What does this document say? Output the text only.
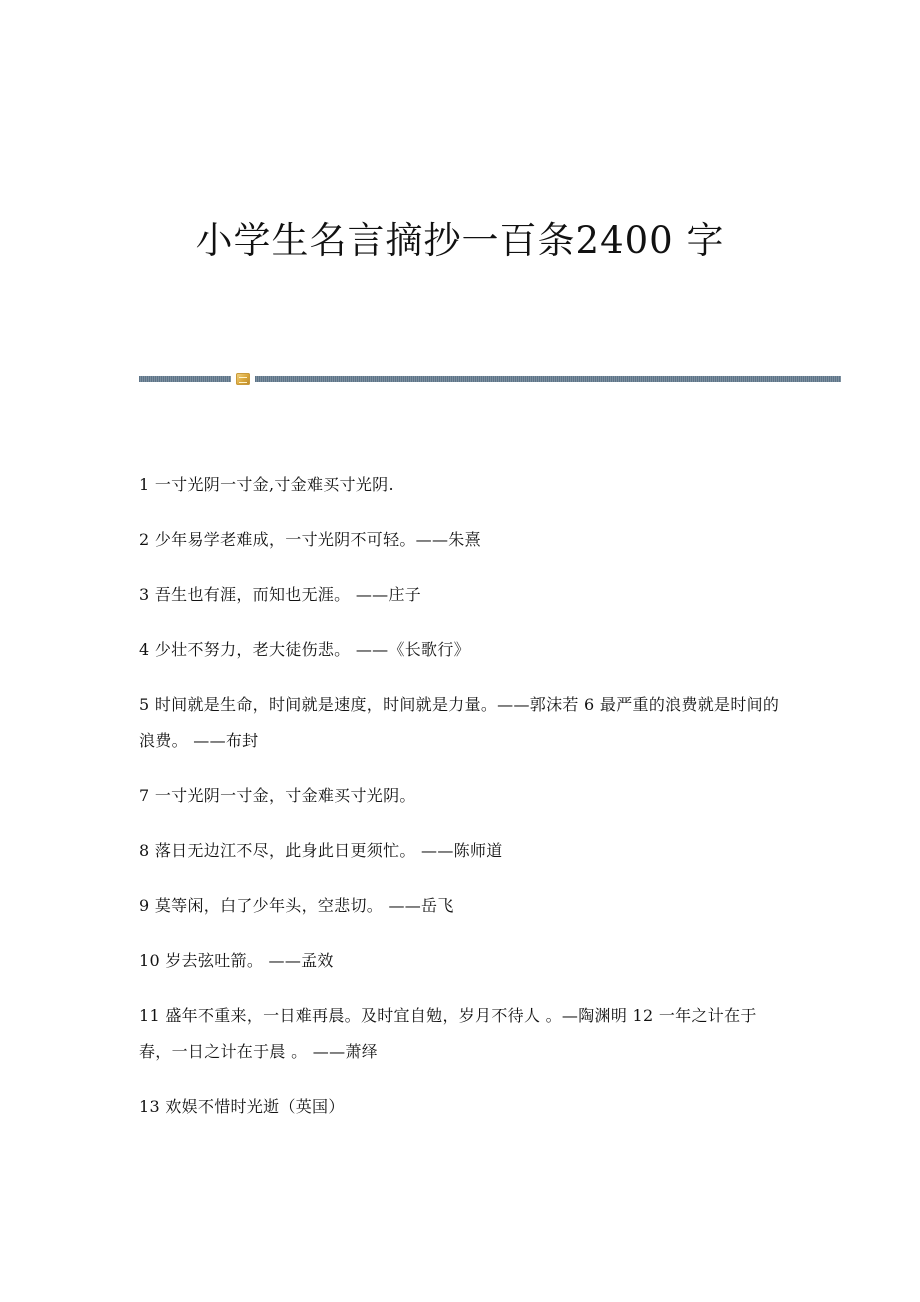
小学生名言摘抄一百条2400 字
1 一寸光阴一寸金,寸金难买寸光阴.
2 少年易学老难成，一寸光阴不可轻。——朱熹
3 吾生也有涯，而知也无涯。 ——庄子
4 少壮不努力，老大徒伤悲。 ——《长歌行》
5 时间就是生命，时间就是速度，时间就是力量。——郭沫若 6 最严重的浪费就是时间的浪费。 ——布封
7 一寸光阴一寸金，寸金难买寸光阴。
8 落日无边江不尽，此身此日更须忙。 ——陈师道
9 莫等闲，白了少年头，空悲切。 ——岳飞
10 岁去弦吐箭。 ——孟效
11 盛年不重来，一日难再晨。及时宜自勉，岁月不待人 。—陶渊明 12 一年之计在于春，一日之计在于晨 。 ——萧绎
13 欢娱不惜时光逝（英国）
